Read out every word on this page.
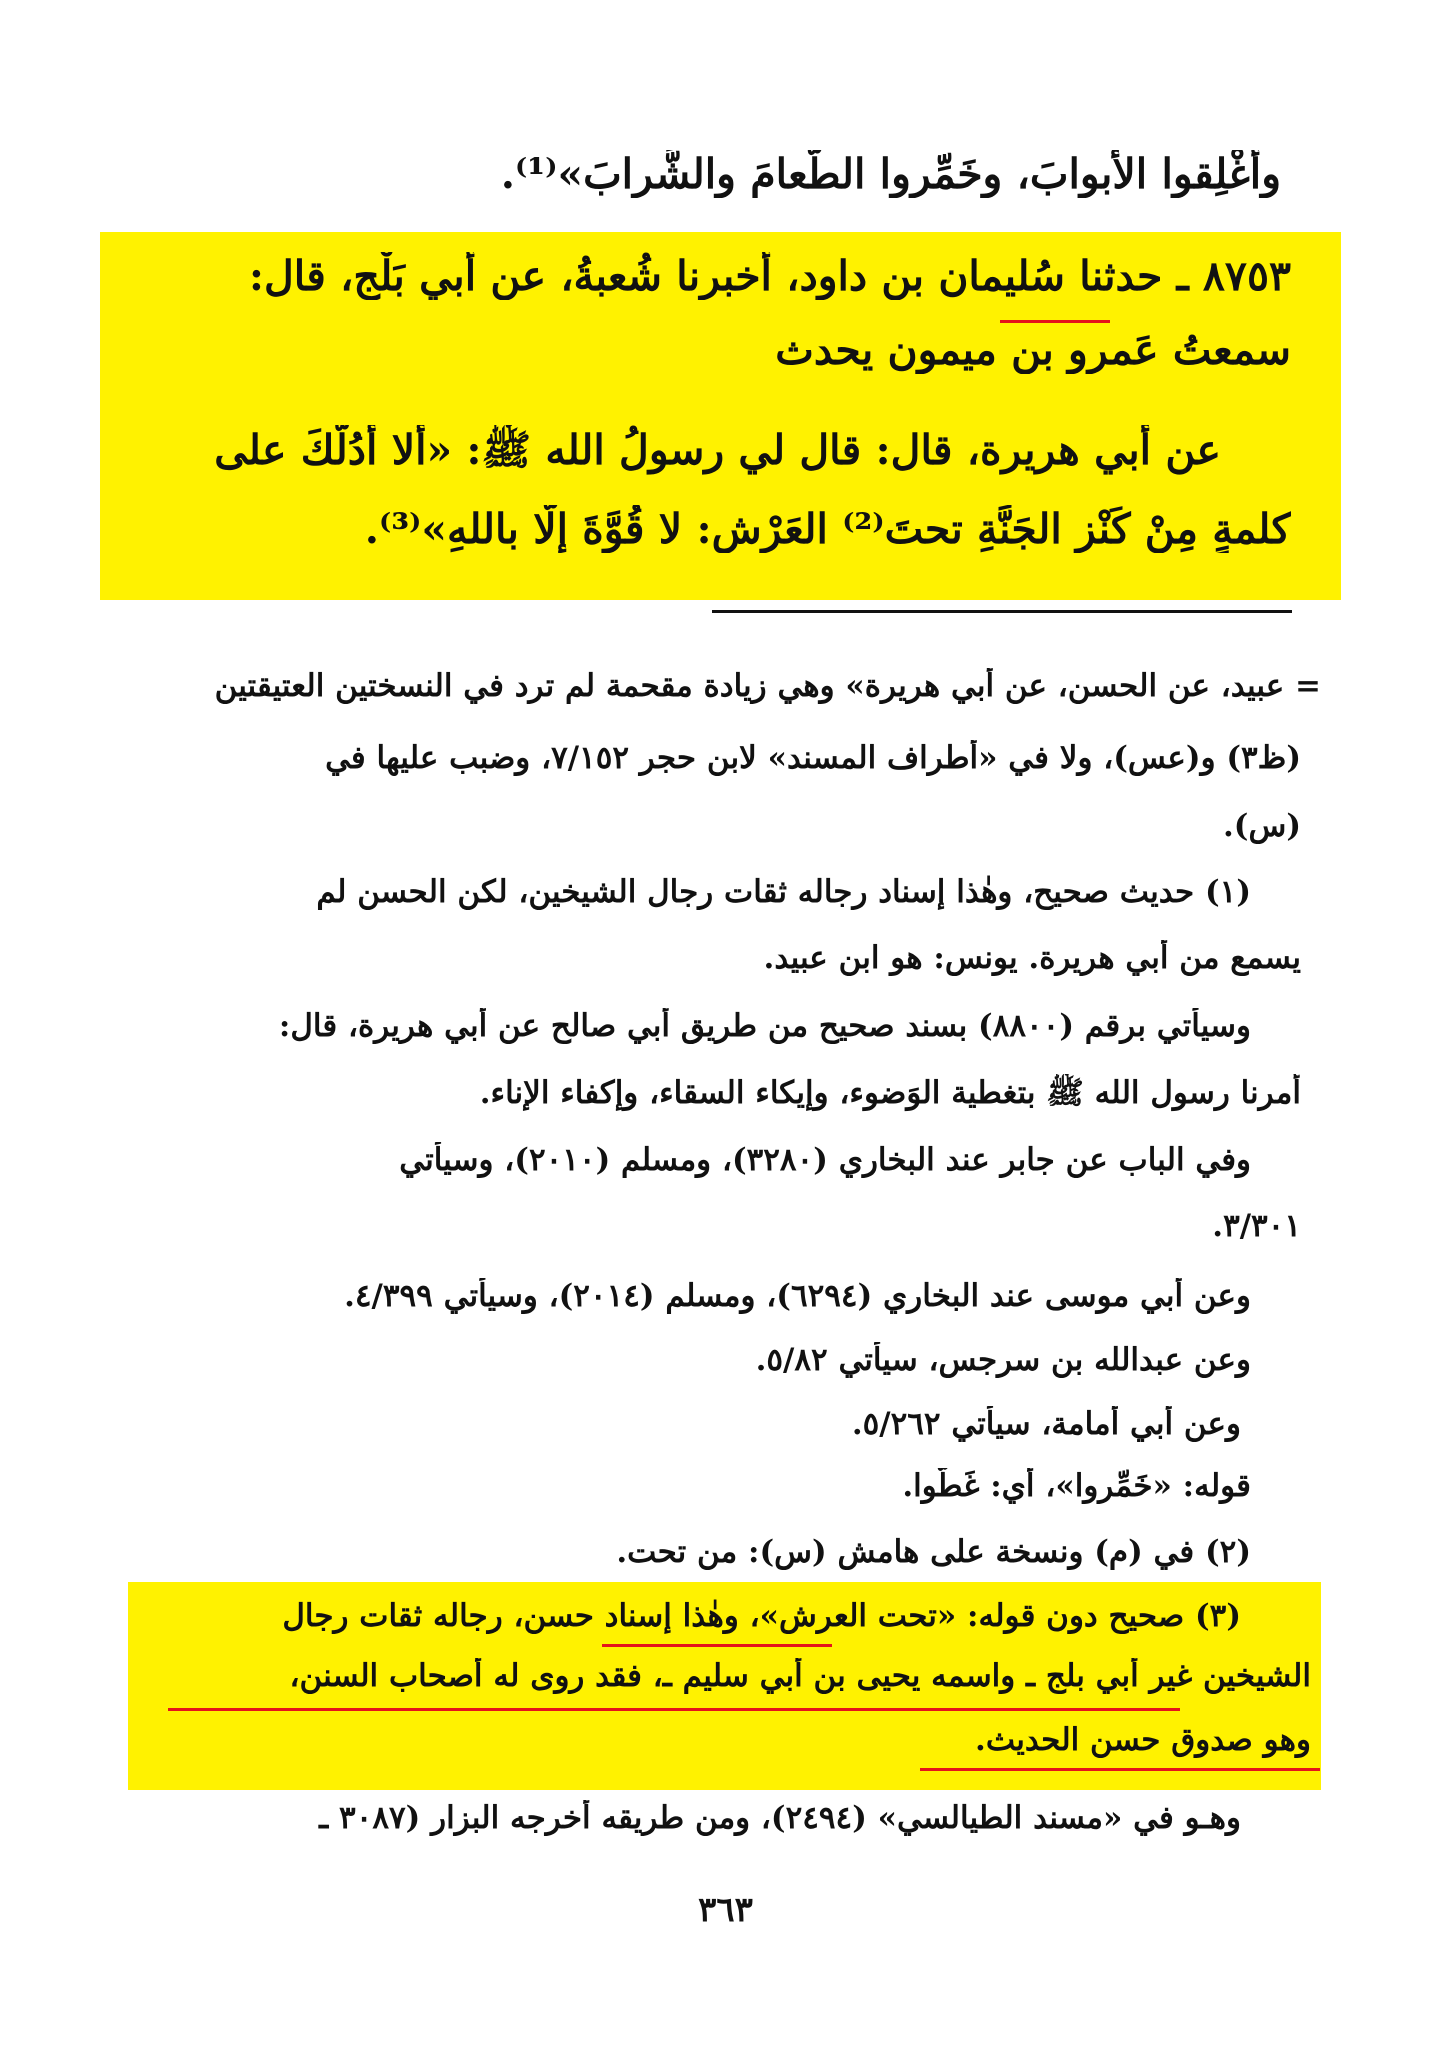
وأغْلِقوا الأبوابَ، وخَمِّروا الطَّعامَ والشَّرابَ»⁽¹⁾.
٨٧٥٣ ـ حدثنا سُليمان بن داود، أخبرنا شُعبةُ، عن أبي بَلْجٍ، قال:
سمعتُ عَمرو بن ميمون يحدث
عن أبي هريرة، قال: قال لي رسولُ الله ﷺ: «ألا أَدُلُّكَ على
كلمةٍ مِنْ كَنْزِ الجَنَّةِ تحتَ⁽²⁾ العَرْشِ: لا قُوَّةَ إلَّا باللهِ»⁽³⁾.
= عبيد، عن الحسن، عن أبي هريرة» وهي زيادة مقحمة لم ترد في النسختين العتيقتين
(ظ٣) و(عس)، ولا في «أطراف المسند» لابن حجر ٧/١٥٢، وضبب عليها في
(س).
(١) حديث صحيح، وهٰذا إسناد رجاله ثقات رجال الشيخين، لكن الحسن لم
يسمع من أبي هريرة. يونس: هو ابن عبيد.
وسيأتي برقم (٨٨٠٠) بسند صحيح من طريق أبي صالح عن أبي هريرة، قال:
أمرنا رسول الله ﷺ بتغطية الوَضوء، وإيكاء السقاء، وإكفاء الإناء.
وفي الباب عن جابر عند البخاري (٣٢٨٠)، ومسلم (٢٠١٠)، وسيأتي
٣/٣٠١.
وعن أبي موسى عند البخاري (٦٢٩٤)، ومسلم (٢٠١٤)، وسيأتي ٤/٣٩٩.
وعن عبدالله بن سرجس، سيأتي ٥/٨٢.
وعن أبي أمامة، سيأتي ٥/٢٦٢.
قوله: «خَمِّروا»، أي: غَطُّوا.
(٢) في (م) ونسخة على هامش (س): من تحت.
(٣) صحيح دون قوله: «تحت العرش»، وهٰذا إسناد حسن، رجاله ثقات رجال
الشيخين غير أبي بلج ـ واسمه يحيى بن أبي سليم ـ، فقد روى له أصحاب السنن،
وهو صدوق حسن الحديث.
وهـو في «مسند الطيالسي» (٢٤٩٤)، ومن طريقه أخرجه البزار (٣٠٨٧ ـ
٣٦٣
